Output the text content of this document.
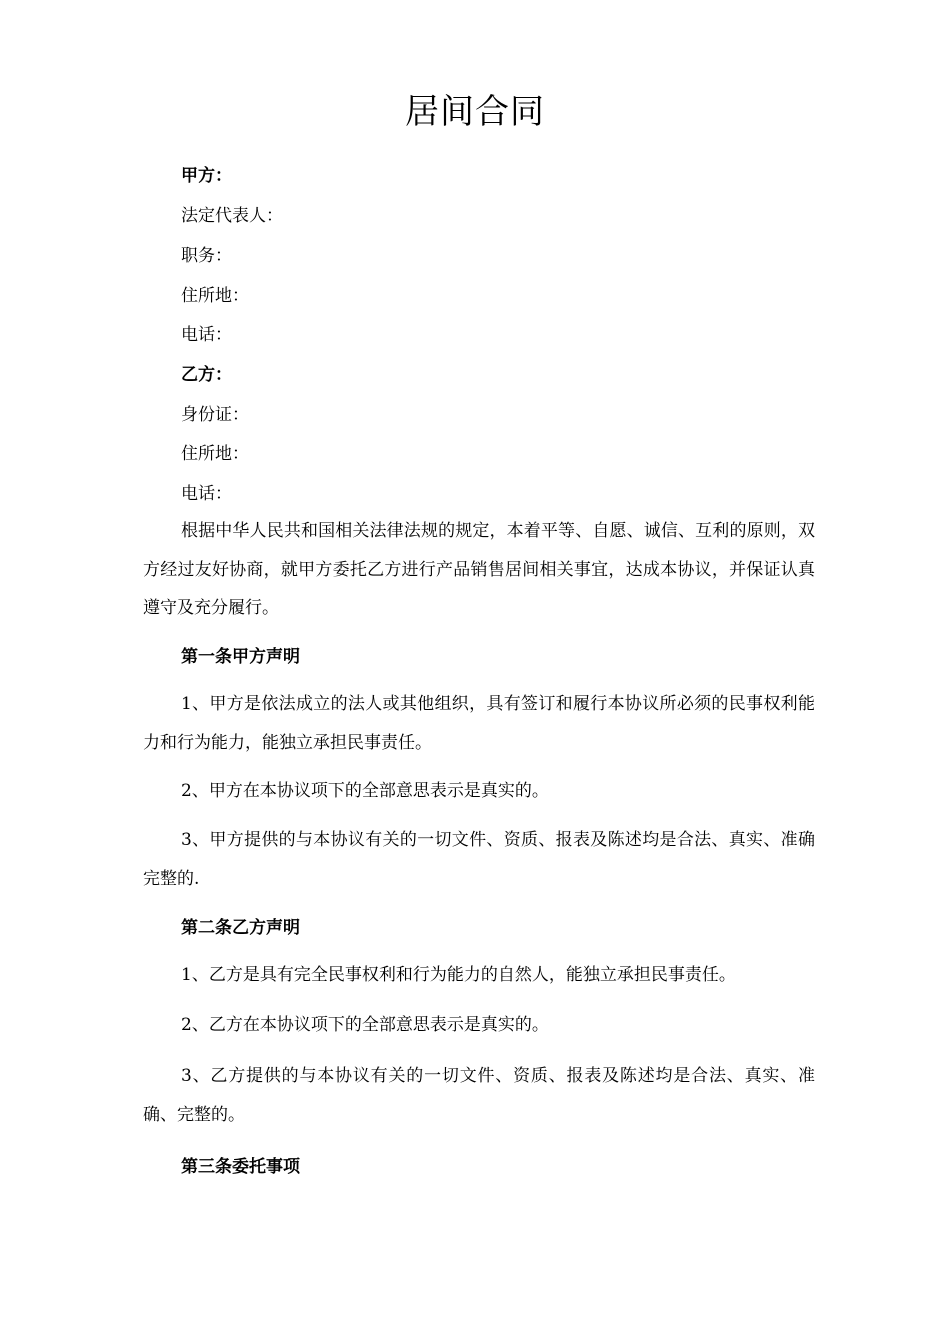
居间合同
甲方：
法定代表人：
职务：
住所地：
电话：
乙方：
身份证：
住所地：
电话：

根据中华人民共和国相关法律法规的规定，本着平等、自愿、诚信、互利的原则，双方经过友好协商，就甲方委托乙方进行产品销售居间相关事宜，达成本协议，并保证认真遵守及充分履行。

第一条甲方声明

1、甲方是依法成立的法人或其他组织，具有签订和履行本协议所必须的民事权利能力和行为能力，能独立承担民事责任。

2、甲方在本协议项下的全部意思表示是真实的。

3、甲方提供的与本协议有关的一切文件、资质、报表及陈述均是合法、真实、准确完整的.

第二条乙方声明

1、乙方是具有完全民事权利和行为能力的自然人，能独立承担民事责任。

2、乙方在本协议项下的全部意思表示是真实的。

3、乙方提供的与本协议有关的一切文件、资质、报表及陈述均是合法、真实、准确、完整的。

第三条委托事项
